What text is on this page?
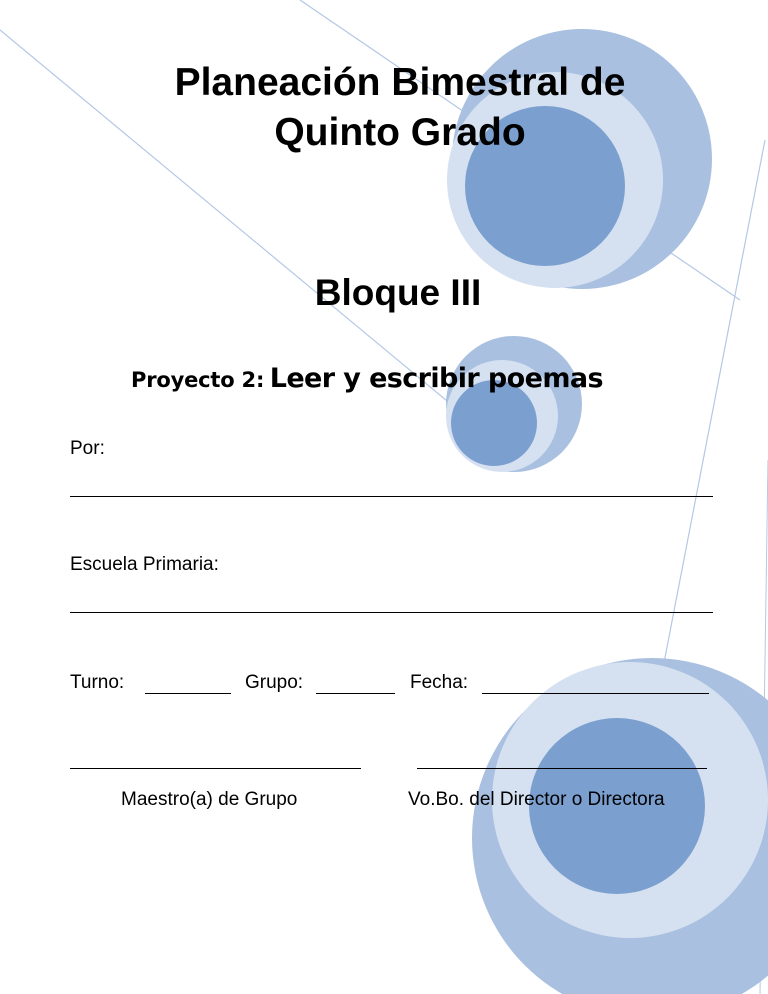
Planeación Bimestral de
Quinto Grado
Bloque III
Proyecto 2: Leer y escribir poemas
Por:
Escuela Primaria:
Turno:	Grupo:	Fecha:
Maestro(a) de Grupo	Vo.Bo. del Director o Directora
